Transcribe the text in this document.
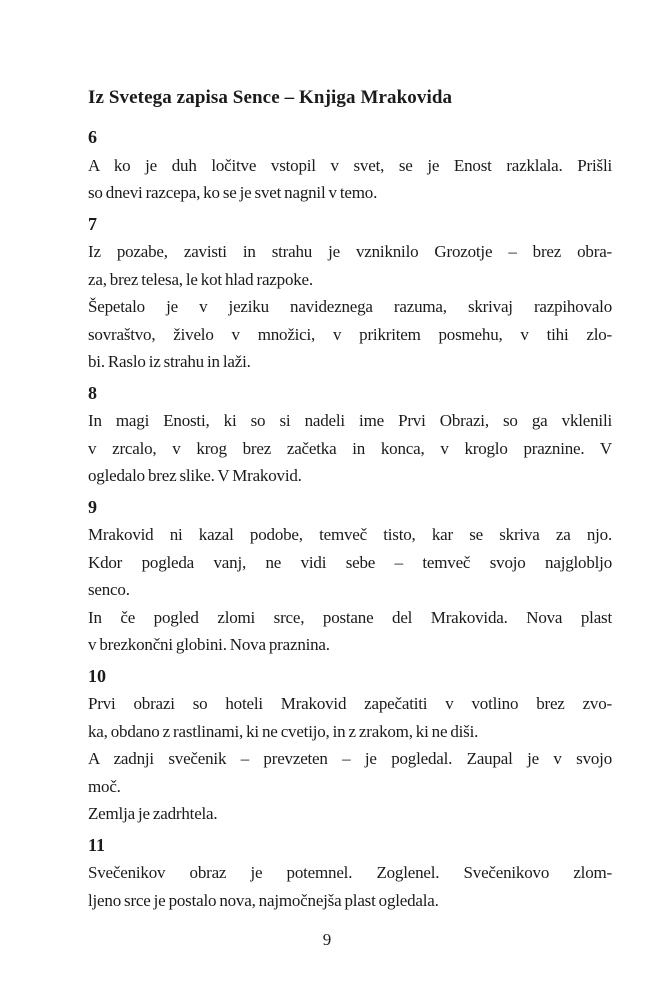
Iz Svetega zapisa Sence – Knjiga Mrakovida
6
A ko je duh ločitve vstopil v svet, se je Enost razklala. Prišli
so dnevi razcepa, ko se je svet nagnil v temo.
7
Iz pozabe, zavisti in strahu je vzniknilo Grozotje – brez obra-
za, brez telesa, le kot hlad razpoke.
Šepetalo je v jeziku navideznega razuma, skrivaj razpihovalo
sovraštvo, živelo v množici, v prikritem posmehu, v tihi zlo-
bi. Raslo iz strahu in laži.
8
In magi Enosti, ki so si nadeli ime Prvi Obrazi, so ga vklenili
v zrcalo, v krog brez začetka in konca, v kroglo praznine. V
ogledalo brez slike. V Mrakovid.
9
Mrakovid ni kazal podobe, temveč tisto, kar se skriva za njo.
Kdor pogleda vanj, ne vidi sebe – temveč svojo najglobljo
senco.
In če pogled zlomi srce, postane del Mrakovida. Nova plast
v brezkončni globini. Nova praznina.
10
Prvi obrazi so hoteli Mrakovid zapečatiti v votlino brez zvo-
ka, obdano z rastlinami, ki ne cvetijo, in z zrakom, ki ne diši.
A zadnji svečenik – prevzeten – je pogledal. Zaupal je v svojo
moč.
Zemlja je zadrhtela.
11
Svečenikov obraz je potemnel. Zoglenel. Svečenikovo zlom-
ljeno srce je postalo nova, najmočnejša plast ogledala.
9
